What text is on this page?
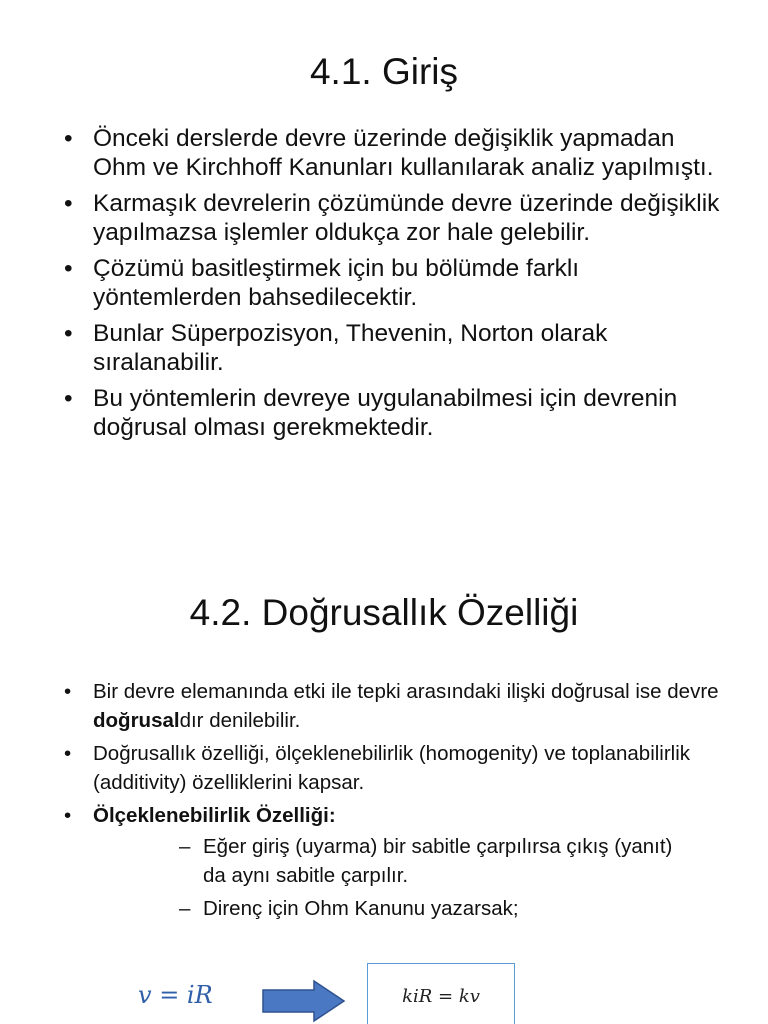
4.1. Giriş
• Önceki derslerde devre üzerinde değişiklik yapmadan Ohm ve Kirchhoff Kanunları kullanılarak analiz yapılmıştı.
• Karmaşık devrelerin çözümünde devre üzerinde değişiklik yapılmazsa işlemler oldukça zor hale gelebilir.
• Çözümü basitleştirmek için bu bölümde farklı yöntemlerden bahsedilecektir.
• Bunlar Süperpozisyon, Thevenin, Norton olarak sıralanabilir.
• Bu yöntemlerin devreye uygulanabilmesi için devrenin doğrusal olması gerekmektedir.
4.2. Doğrusallık Özelliği
• Bir devre elemanında etki ile tepki arasındaki ilişki doğrusal ise devre doğrusaldır denilebilir.
• Doğrusallık özelliği, ölçeklenebilirlik (homogenity) ve toplanabilirlik (additivity) özelliklerini kapsar.
• Ölçeklenebilirlik Özelliği:
– Eğer giriş (uyarma) bir sabitle çarpılırsa çıkış (yanıt) da aynı sabitle çarpılır.
– Direnç için Ohm Kanunu yazarsak;
v = iR	kiR = kv
